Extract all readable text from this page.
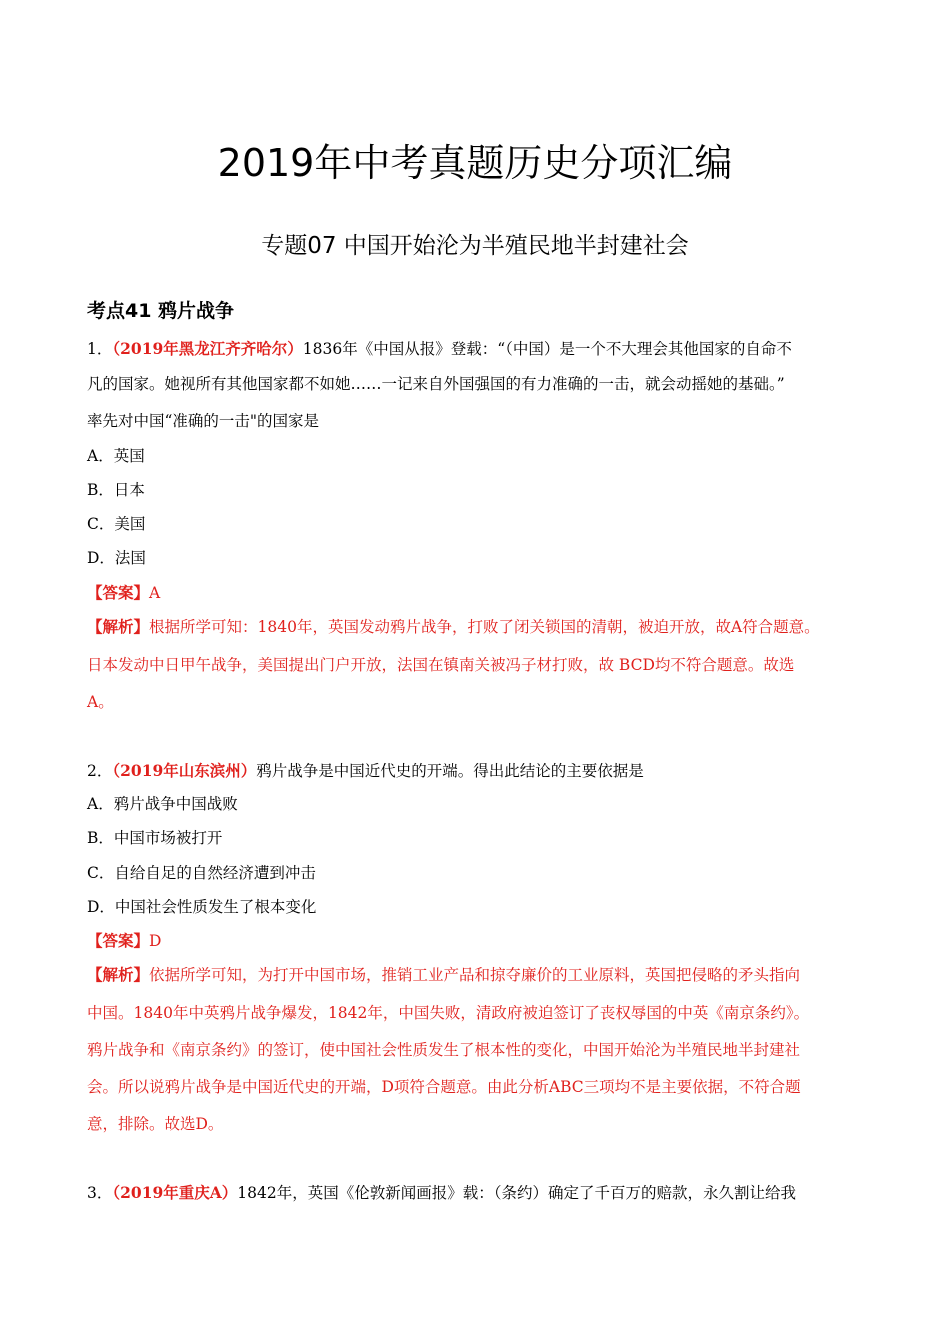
2019年中考真题历史分项汇编
专题07 中国开始沦为半殖民地半封建社会
考点41 鸦片战争
1．（2019年黑龙江齐齐哈尔）1836年《中国从报》登载：“（中国）是一个不大理会其他国家的自命不
凡的国家。她视所有其他国家都不如她……一记来自外国强国的有力准确的一击，就会动摇她的基础。”
率先对中国“准确的一击"的国家是
A．英国
B．日本
C．美国
D．法国
【答案】A
【解析】根据所学可知：1840年，英国发动鸦片战争，打败了闭关锁国的清朝，被迫开放，故A符合题意。
日本发动中日甲午战争，美国提出门户开放，法国在镇南关被冯子材打败，故 BCD均不符合题意。故选
A。
2．（2019年山东滨州）鸦片战争是中国近代史的开端。得出此结论的主要依据是
A．鸦片战争中国战败
B．中国市场被打开
C．自给自足的自然经济遭到冲击
D．中国社会性质发生了根本变化
【答案】D
【解析】依据所学可知，为打开中国市场，推销工业产品和掠夺廉价的工业原料，英国把侵略的矛头指向
中国。1840年中英鸦片战争爆发，1842年，中国失败，清政府被迫签订了丧权辱国的中英《南京条约》。
鸦片战争和《南京条约》的签订，使中国社会性质发生了根本性的变化，中国开始沦为半殖民地半封建社
会。所以说鸦片战争是中国近代史的开端，D项符合题意。由此分析ABC三项均不是主要依据，不符合题
意，排除。故选D。
3．（2019年重庆A）1842年，英国《伦敦新闻画报》载：（条约）确定了千百万的赔款，永久割让给我
